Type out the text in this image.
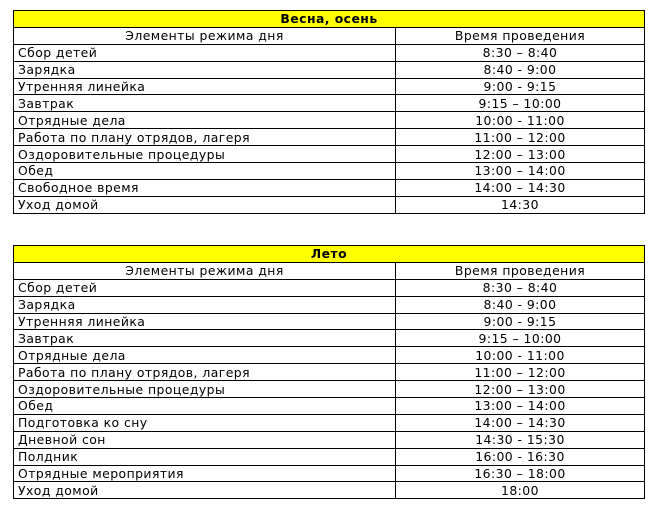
Весна, осень	
Элементы режима дня	Время проведения
Сбор детей	8:30 – 8:40
Зарядка	8:40 - 9:00
Утренняя линейка	9:00 - 9:15
Завтрак	9:15 – 10:00
Отрядные дела	10:00 - 11:00
Работа по плану отрядов, лагеря	11:00 – 12:00
Оздоровительные процедуры	12:00 – 13:00
Обед	13:00 – 14:00
Свободное время	14:00 – 14:30
Уход домой	14:30
Лето	
Элементы режима дня	Время проведения
Сбор детей	8:30 – 8:40
Зарядка	8:40 - 9:00
Утренняя линейка	9:00 - 9:15
Завтрак	9:15 – 10:00
Отрядные дела	10:00 - 11:00
Работа по плану отрядов, лагеря	11:00 – 12:00
Оздоровительные процедуры	12:00 – 13:00
Обед	13:00 – 14:00
Подготовка ко сну	14:00 – 14:30
Дневной сон	14:30 - 15:30
Полдник	16:00 - 16:30
Отрядные мероприятия	16:30 – 18:00
Уход домой	18:00
